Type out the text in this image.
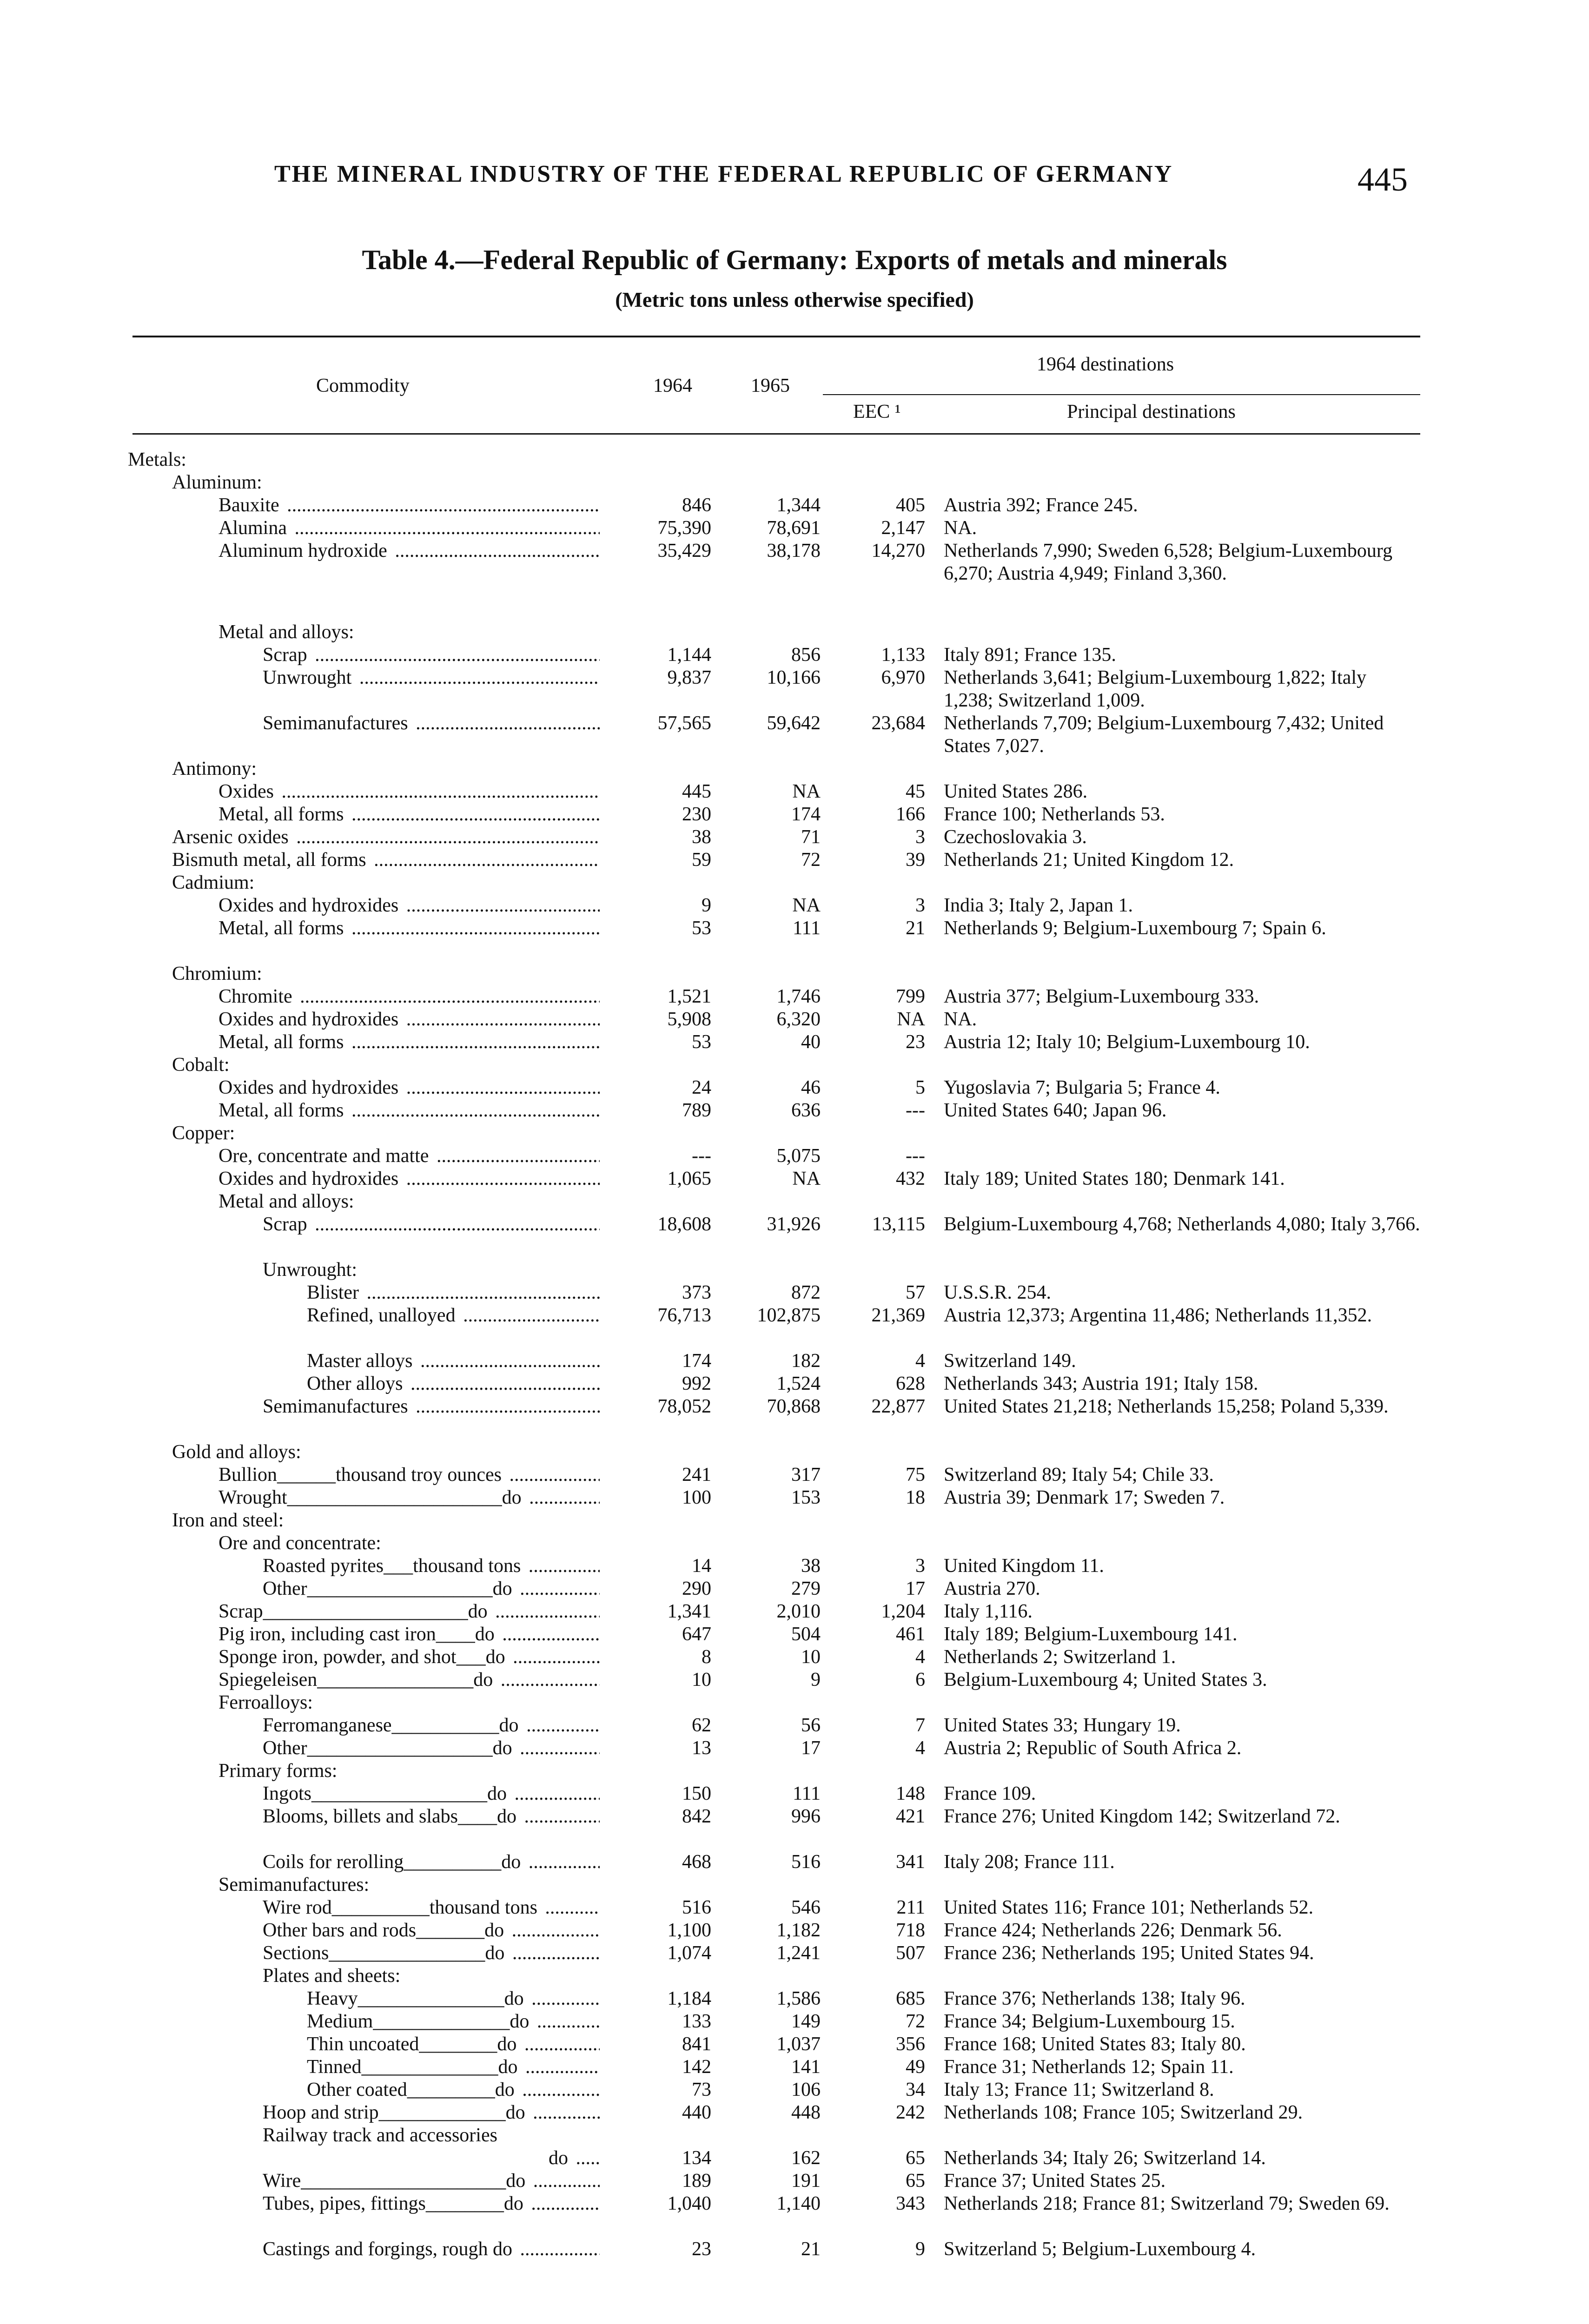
THE MINERAL INDUSTRY OF THE FEDERAL REPUBLIC OF GERMANY	445
Table 4.—Federal Republic of Germany: Exports of metals and minerals
(Metric tons unless otherwise specified)
Commodity	1964	1965
1964 destinations
EEC ¹	Principal destinations
Metals:
Aluminum:
Bauxite .....	846	1,344	405 Austria 392; France 245.
Alumina .....	75,390	78,691	2,147 NA.
Aluminum hydroxide .....	35,429	38,178	14,270 Netherlands 7,990; Sweden 6,528; Belgium-Luxembourg 6,270; Austria 4,949; Finland 3,360.
Metal and alloys:
Scrap .....	1,144	856	1,133 Italy 891; France 135.
Unwrought .....	9,837	10,166	6,970 Netherlands 3,641; Belgium-Luxembourg 1,822; Italy 1,238; Switzerland 1,009.
Semimanufactures .....	57,565	59,642	23,684 Netherlands 7,709; Belgium-Luxembourg 7,432; United States 7,027.
Antimony:
Oxides .....	445	NA	45 United States 286.
Metal, all forms .....	230	174	166 France 100; Netherlands 53.
Arsenic oxides .....	38	71	3 Czechoslovakia 3.
Bismuth metal, all forms .....	59	72	39 Netherlands 21; United Kingdom 12.
Cadmium:
Oxides and hydroxides .....	9	NA	3 India 3; Italy 2, Japan 1.
Metal, all forms .....	53	111	21 Netherlands 9; Belgium-Luxembourg 7; Spain 6.
Chromium:
Chromite .....	1,521	1,746	799 Austria 377; Belgium-Luxembourg 333.
Oxides and hydroxides .....	5,908	6,320	NA NA.
Metal, all forms .....	53	40	23 Austria 12; Italy 10; Belgium-Luxembourg 10.
Cobalt:
Oxides and hydroxides .....	24	46	5 Yugoslavia 7; Bulgaria 5; France 4.
Metal, all forms .....	789	636	--- United States 640; Japan 96.
Copper:
Ore, concentrate and matte .....	---	5,075	---
Oxides and hydroxides .....	1,065	NA	432 Italy 189; United States 180; Denmark 141.
Metal and alloys:
Scrap .....	18,608	31,926	13,115 Belgium-Luxembourg 4,768; Netherlands 4,080; Italy 3,766.
Unwrought:
Blister .....	373	872	57 U.S.S.R. 254.
Refined, unalloyed .....	76,713	102,875	21,369 Austria 12,373; Argentina 11,486; Netherlands 11,352.
Master alloys .....	174	182	4 Switzerland 149.
Other alloys .....	992	1,524	628 Netherlands 343; Austria 191; Italy 158.
Semimanufactures .....	78,052	70,868	22,877 United States 21,218; Netherlands 15,258; Poland 5,339.
Gold and alloys:
Bullion______thousand troy ounces .....	241	317	75 Switzerland 89; Italy 54; Chile 33.
Wrought______________________do .....	100	153	18 Austria 39; Denmark 17; Sweden 7.
Iron and steel:
Ore and concentrate:
Roasted pyrites___thousand tons .....	14	38	3 United Kingdom 11.
Other___________________do .....	290	279	17 Austria 270.
Scrap_____________________do .....	1,341	2,010	1,204 Italy 1,116.
Pig iron, including cast iron____do .....	647	504	461 Italy 189; Belgium-Luxembourg 141.
Sponge iron, powder, and shot___do .....	8	10	4 Netherlands 2; Switzerland 1.
Spiegeleisen________________do .....	10	9	6 Belgium-Luxembourg 4; United States 3.
Ferroalloys:
Ferromanganese___________do .....	62	56	7 United States 33; Hungary 19.
Other___________________do .....	13	17	4 Austria 2; Republic of South Africa 2.
Primary forms:
Ingots__________________do .....	150	111	148 France 109.
Blooms, billets and slabs____do .....	842	996	421 France 276; United Kingdom 142; Switzerland 72.
Coils for rerolling__________do .....	468	516	341 Italy 208; France 111.
Semimanufactures:
Wire rod__________thousand tons .....	516	546	211 United States 116; France 101; Netherlands 52.
Other bars and rods_______do .....	1,100	1,182	718 France 424; Netherlands 226; Denmark 56.
Sections________________do .....	1,074	1,241	507 France 236; Netherlands 195; United States 94.
Plates and sheets:
Heavy_______________do .....	1,184	1,586	685 France 376; Netherlands 138; Italy 96.
Medium______________do .....	133	149	72 France 34; Belgium-Luxembourg 15.
Thin uncoated________do .....	841	1,037	356 France 168; United States 83; Italy 80.
Tinned______________do .....	142	141	49 France 31; Netherlands 12; Spain 11.
Other coated_________do .....	73	106	34 Italy 13; France 11; Switzerland 8.
Hoop and strip_____________do .....	440	448	242 Netherlands 108; France 105; Switzerland 29.
Railway track and accessories
do .....	134	162	65 Netherlands 34; Italy 26; Switzerland 14.
Wire_____________________do .....	189	191	65 France 37; United States 25.
Tubes, pipes, fittings________do .....	1,040	1,140	343 Netherlands 218; France 81; Switzerland 79; Sweden 69.
Castings and forgings, rough do .....	23	21	9 Switzerland 5; Belgium-Luxembourg 4.
